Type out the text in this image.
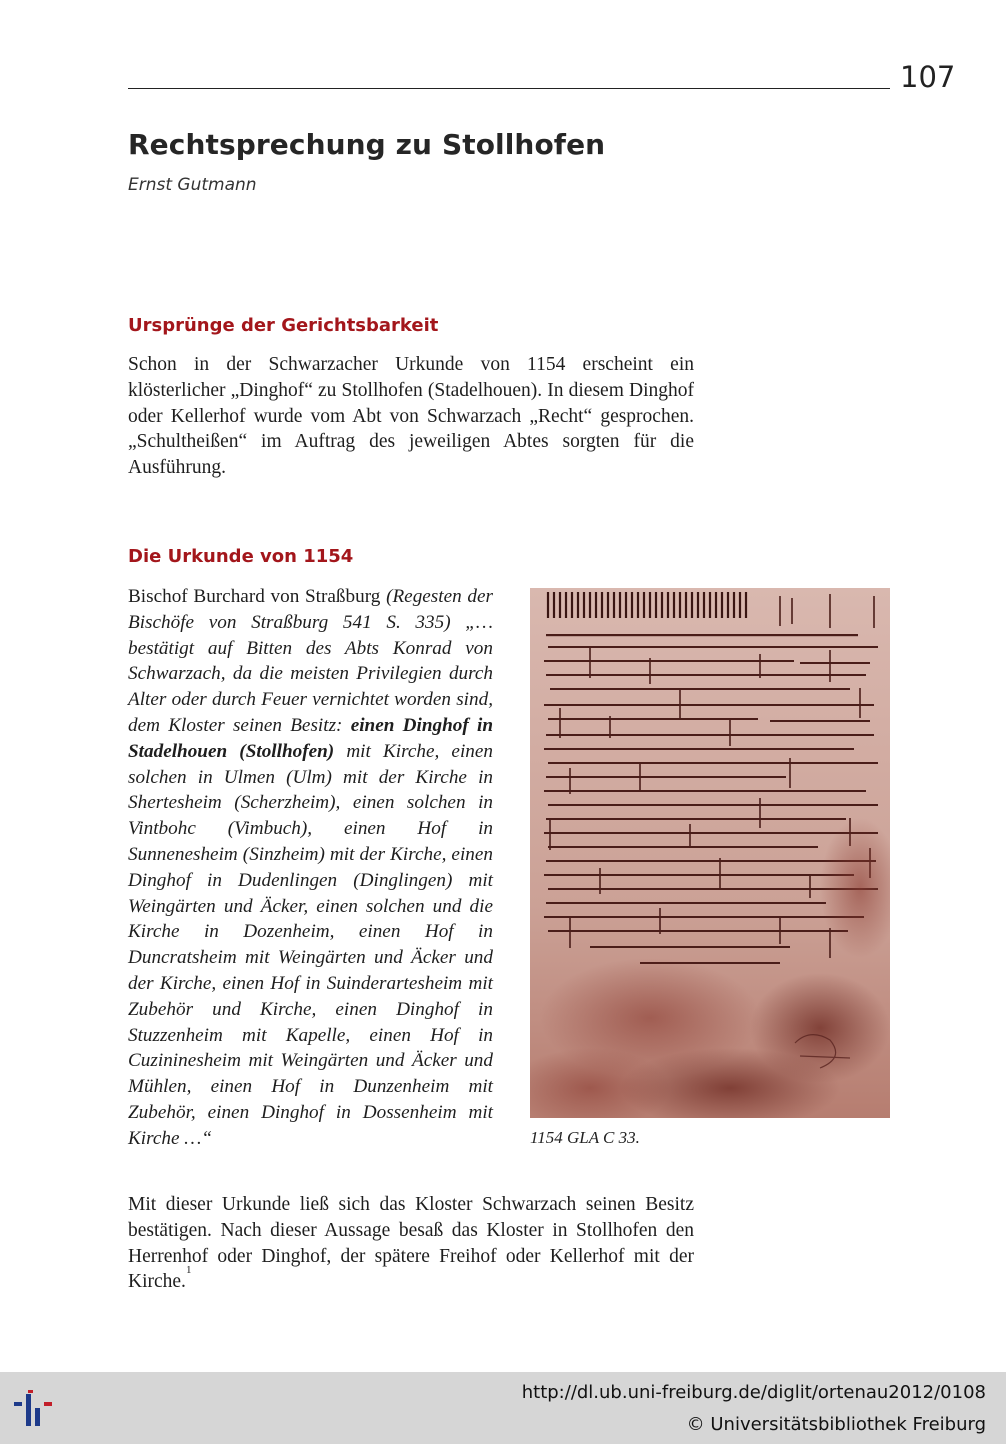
107
Rechtsprechung zu Stollhofen
Ernst Gutmann
Ursprünge der Gerichtsbarkeit

Schon in der Schwarzacher Urkunde von 1154 erscheint ein klösterlicher „Dinghof“ zu Stollhofen (Stadelhouen). In diesem Dinghof oder Kellerhof wurde vom Abt von Schwarzach „Recht“ gesprochen. „Schultheißen“ im Auftrag des jeweiligen Abtes sorgten für die Ausführung.

Die Urkunde von 1154

Bischof Burchard von Straßburg (Regesten der Bischöfe von Straßburg 541 S. 335) „… bestätigt auf Bitten des Abts Konrad von Schwarzach, da die meisten Privilegien durch Alter oder durch Feuer vernichtet worden sind, dem Kloster seinen Besitz: einen Dinghof in Stadelhouen (Stollhofen) mit Kirche, einen solchen in Ulmen (Ulm) mit der Kirche in Shertesheim (Scherzheim), einen solchen in Vintbohc (Vimbuch), einen Hof in Sunnenesheim (Sinzheim) mit der Kirche, einen Dinghof in Dudenlingen (Dinglingen) mit Weingärten und Äcker, einen solchen und die Kirche in Dozenheim, einen Hof in Duncratsheim mit Weingärten und Äcker und der Kirche, einen Hof in Suinderartesheim mit Zubehör und Kirche, einen Dinghof in Stuzzenheim mit Kapelle, einen Hof in Cuzininesheim mit Weingärten und Äcker und Mühlen, einen Hof in Dunzenheim mit Zubehör, einen Dinghof in Dossenheim mit Kirche …“	1154 GLA C 33.

Mit dieser Urkunde ließ sich das Kloster Schwarzach seinen Besitz bestätigen. Nach dieser Aussage besaß das Kloster in Stollhofen den Herrenhof oder Dinghof, der spätere Freihof oder Kellerhof mit der Kirche.$^1$

http://dl.ub.uni-freiburg.de/diglit/ortenau2012/0108
© Universitätsbibliothek Freiburg
